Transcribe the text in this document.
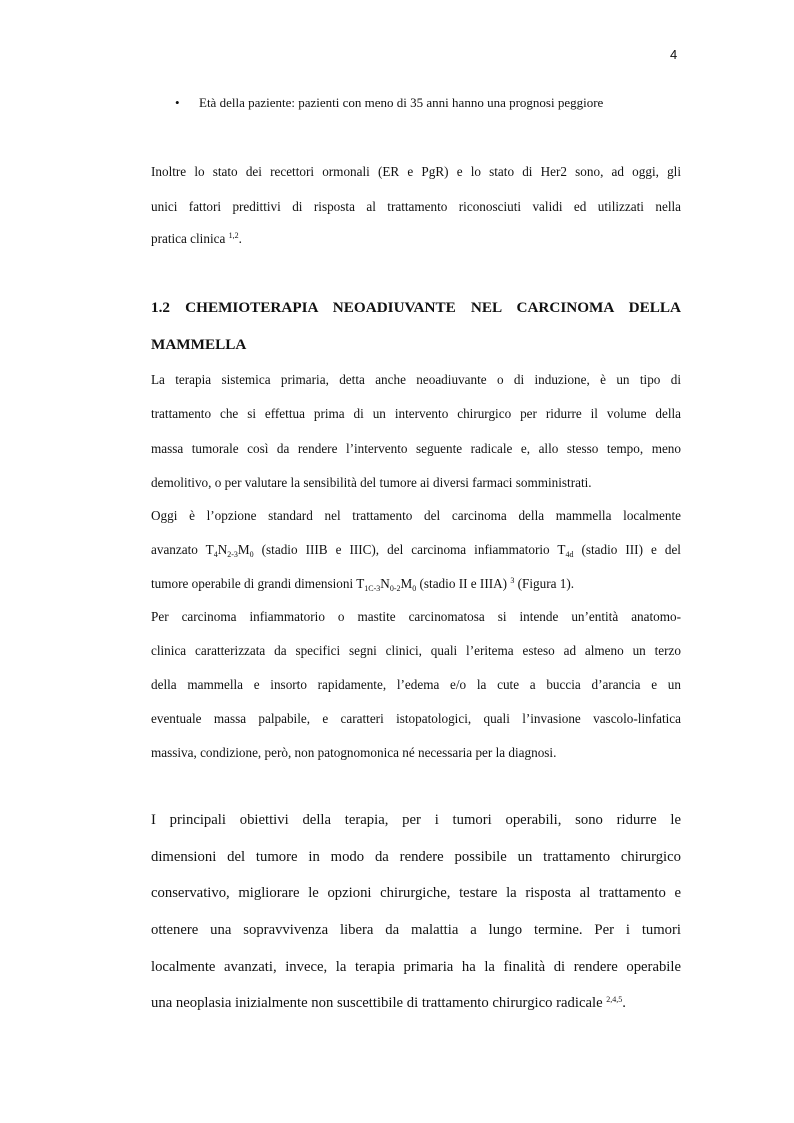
4
• Età della paziente: pazienti con meno di 35 anni hanno una prognosi peggiore

Inoltre lo stato dei recettori ormonali (ER e PgR) e lo stato di Her2 sono, ad oggi, gli

unici fattori predittivi di risposta al trattamento riconosciuti validi ed utilizzati nella

pratica clinica $^{1,2}$.

1.2 CHEMIOTERAPIA NEOADIUVANTE NEL CARCINOMA DELLA
MAMMELLA

La terapia sistemica primaria, detta anche neoadiuvante o di induzione, è un tipo di

trattamento che si effettua prima di un intervento chirurgico per ridurre il volume della

massa tumorale così da rendere l’intervento seguente radicale e, allo stesso tempo, meno

demolitivo, o per valutare la sensibilità del tumore ai diversi farmaci somministrati.

Oggi è l’opzione standard nel trattamento del carcinoma della mammella localmente

avanzato $T_4N_{2-3}M_0$ (stadio IIIB e IIIC), del carcinoma infiammatorio $T_{4d}$ (stadio III) e del

tumore operabile di grandi dimensioni $T_{1C-3}N_{0-2}M_0$ (stadio II e IIIA) $^3$ (Figura 1).

Per carcinoma infiammatorio o mastite carcinomatosa si intende un’entità anatomo-

clinica caratterizzata da specifici segni clinici, quali l’eritema esteso ad almeno un terzo

della mammella e insorto rapidamente, l’edema e/o la cute a buccia d’arancia e un

eventuale massa palpabile, e caratteri istopatologici, quali l’invasione vascolo-linfatica

massiva, condizione, però, non patognomonica né necessaria per la diagnosi.

I principali obiettivi della terapia, per i tumori operabili, sono ridurre le

dimensioni del tumore in modo da rendere possibile un trattamento chirurgico

conservativo, migliorare le opzioni chirurgiche, testare la risposta al trattamento e

ottenere una sopravvivenza libera da malattia a lungo termine. Per i tumori

localmente avanzati, invece, la terapia primaria ha la finalità di rendere operabile

una neoplasia inizialmente non suscettibile di trattamento chirurgico radicale $^{2,4,5}$.
